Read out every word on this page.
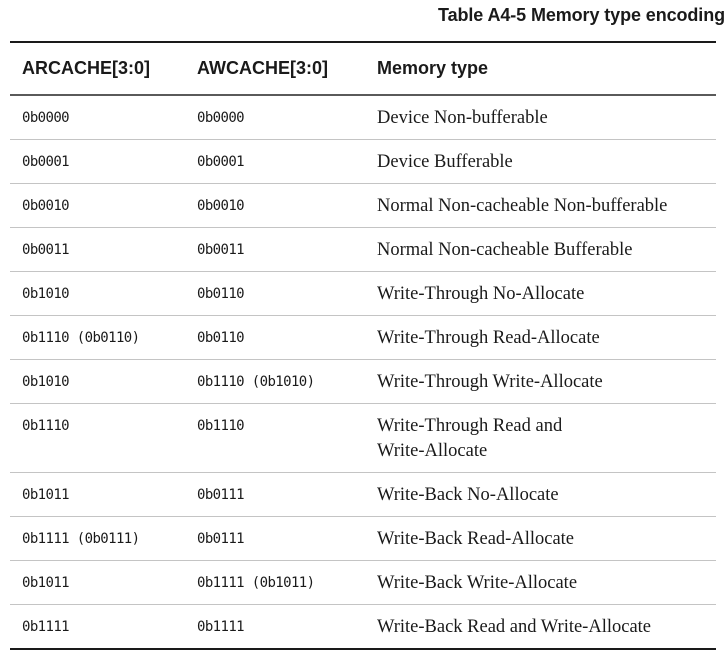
Table A4-5 Memory type encoding
ARCACHE[3:0]	AWCACHE[3:0]	Memory type

0b0000	0b0000	Device Non-bufferable

0b0001	0b0001	Device Bufferable

0b0010	0b0010	Normal Non-cacheable Non-bufferable

0b0011	0b0011	Normal Non-cacheable Bufferable

0b1010	0b0110	Write-Through No-Allocate

0b1110 (0b0110)	0b0110	Write-Through Read-Allocate

0b1010	0b1110 (0b1010)	Write-Through Write-Allocate

0b1110	0b1110	Write-Through Read and
Write-Allocate

0b1011	0b0111	Write-Back No-Allocate

0b1111 (0b0111)	0b0111	Write-Back Read-Allocate

0b1011	0b1111 (0b1011)	Write-Back Write-Allocate

0b1111	0b1111	Write-Back Read and Write-Allocate
